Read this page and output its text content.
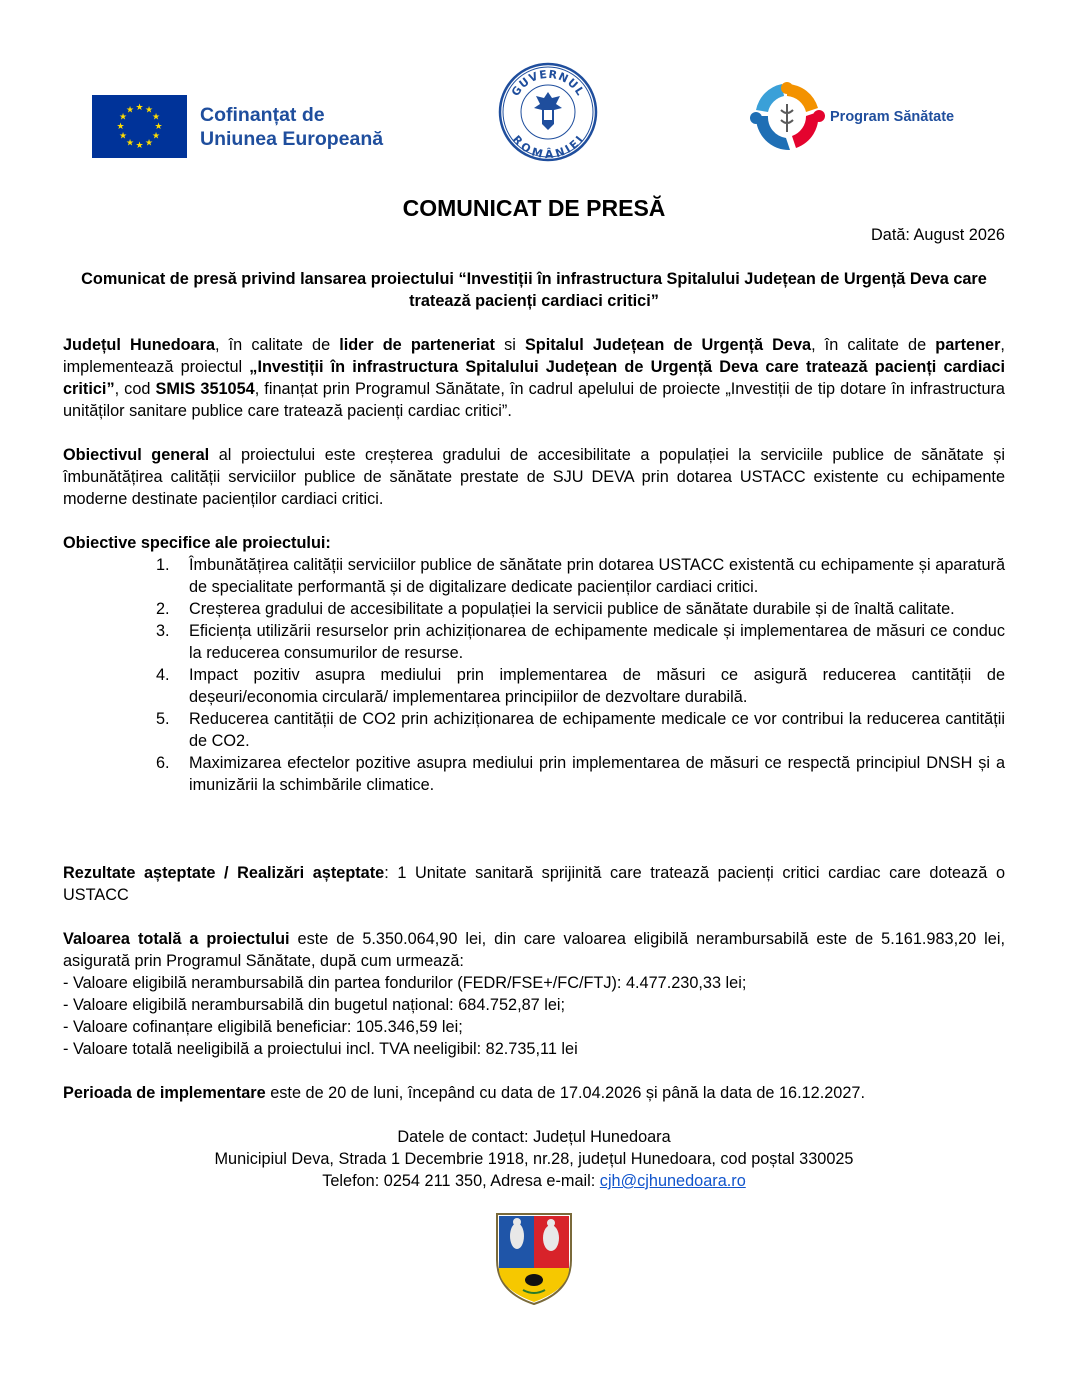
★ ★
★
★
★
★
★
★
★
★
★
★	Cofinanțat de
Uniunea Europeană
GUVERNUL
ROMÂNIEI
Program Sănătate
COMUNICAT DE PRESĂ
Dată: August 2026
Comunicat de presă privind lansarea proiectului “Investiții în infrastructura Spitalului Județean de Urgență Deva care tratează pacienți cardiaci critici”
Județul Hunedoara, în calitate de lider de parteneriat si Spitalul Județean de Urgență Deva, în calitate de partener, implementează proiectul „Investiții în infrastructura Spitalului Județean de Urgență Deva care tratează pacienți cardiaci critici”, cod SMIS 351054, finanțat prin Programul Sănătate, în cadrul apelului de proiecte „Investiții de tip dotare în infrastructura unităților sanitare publice care tratează pacienți cardiac critici”.
Obiectivul general al proiectului este creșterea gradului de accesibilitate a populației la serviciile publice de sănătate și îmbunătățirea calității serviciilor publice de sănătate prestate de SJU DEVA prin dotarea USTACC existente cu echipamente moderne destinate pacienților cardiaci critici.
Obiective specifice ale proiectului:
1. Îmbunătățirea calității serviciilor publice de sănătate prin dotarea USTACC existentă cu echipamente și aparatură de specialitate performantă și de digitalizare dedicate pacienților cardiaci critici.
2. Creșterea gradului de accesibilitate a populației la servicii publice de sănătate durabile și de înaltă calitate.
3. Eficiența utilizării resurselor prin achiziționarea de echipamente medicale și implementarea de măsuri ce conduc la reducerea consumurilor de resurse.
4. Impact pozitiv asupra mediului prin implementarea de măsuri ce asigură reducerea cantității de deșeuri/economia circulară/ implementarea principiilor de dezvoltare durabilă.
5. Reducerea cantității de CO2 prin achiziționarea de echipamente medicale ce vor contribui la reducerea cantității de CO2.
6. Maximizarea efectelor pozitive asupra mediului prin implementarea de măsuri ce respectă principiul DNSH și a imunizării la schimbările climatice.
Rezultate așteptate / Realizări așteptate: 1 Unitate sanitară sprijinită care tratează pacienți critici cardiac care dotează o USTACC
Valoarea totală a proiectului este de 5.350.064,90 lei, din care valoarea eligibilă nerambursabilă este de 5.161.983,20 lei, asigurată prin Programul Sănătate, după cum urmează:
- Valoare eligibilă nerambursabilă din partea fondurilor (FEDR/FSE+/FC/FTJ): 4.477.230,33 lei;
- Valoare eligibilă nerambursabilă din bugetul național: 684.752,87 lei;
- Valoare cofinanțare eligibilă beneficiar: 105.346,59 lei;
- Valoare totală neeligibilă a proiectului incl. TVA neeligibil: 82.735,11 lei
Perioada de implementare este de 20 de luni, începând cu data de 17.04.2026 și până la data de 16.12.2027.
Datele de contact: Județul Hunedoara
Municipiul Deva, Strada 1 Decembrie 1918, nr.28, județul Hunedoara, cod poștal 330025
Telefon: 0254 211 350, Adresa e-mail: cjh@cjhunedoara.ro
